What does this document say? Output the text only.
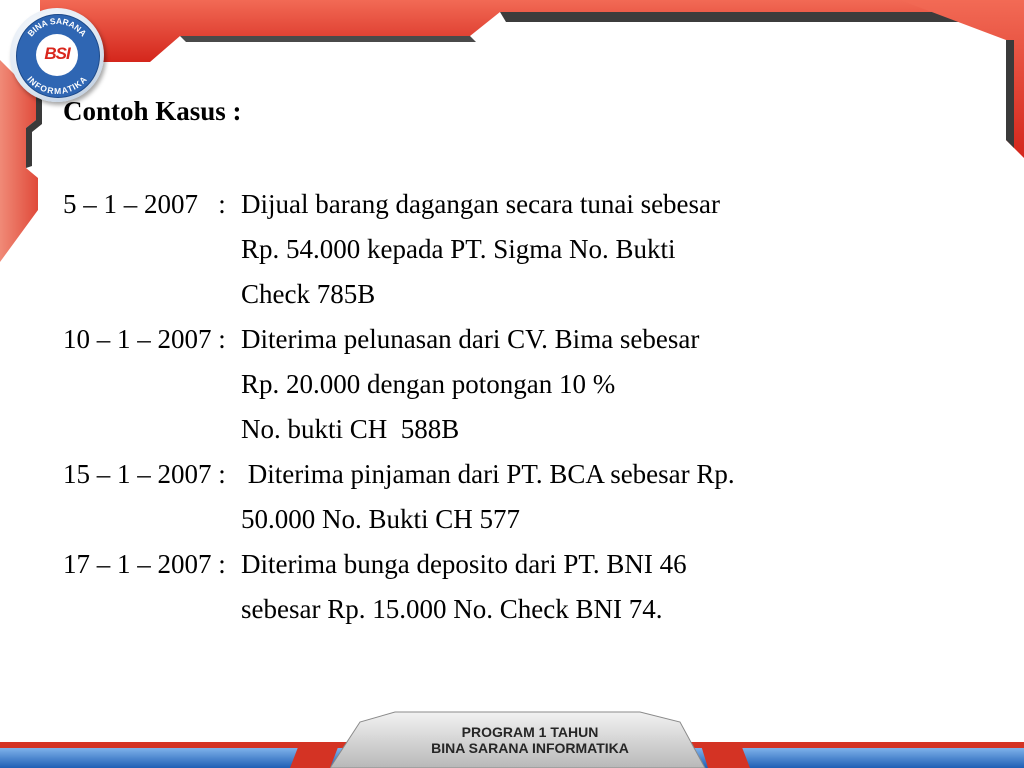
BSI
BINA SARANA
INFORMATIKA
Contoh Kasus :
5 – 1 – 2007   : Dijual barang dagangan secara tunai sebesar
Rp. 54.000 kepada PT. Sigma No. Bukti
Check 785B
10 – 1 – 2007 : Diterima pelunasan dari CV. Bima sebesar
Rp. 20.000 dengan potongan 10 %
No. bukti CH  588B
15 – 1 – 2007 : Diterima pinjaman dari PT. BCA sebesar Rp.
50.000 No. Bukti CH 577
17 – 1 – 2007 : Diterima bunga deposito dari PT. BNI 46
sebesar Rp. 15.000 No. Check BNI 74.
PROGRAM 1 TAHUN
BINA SARANA INFORMATIKA
